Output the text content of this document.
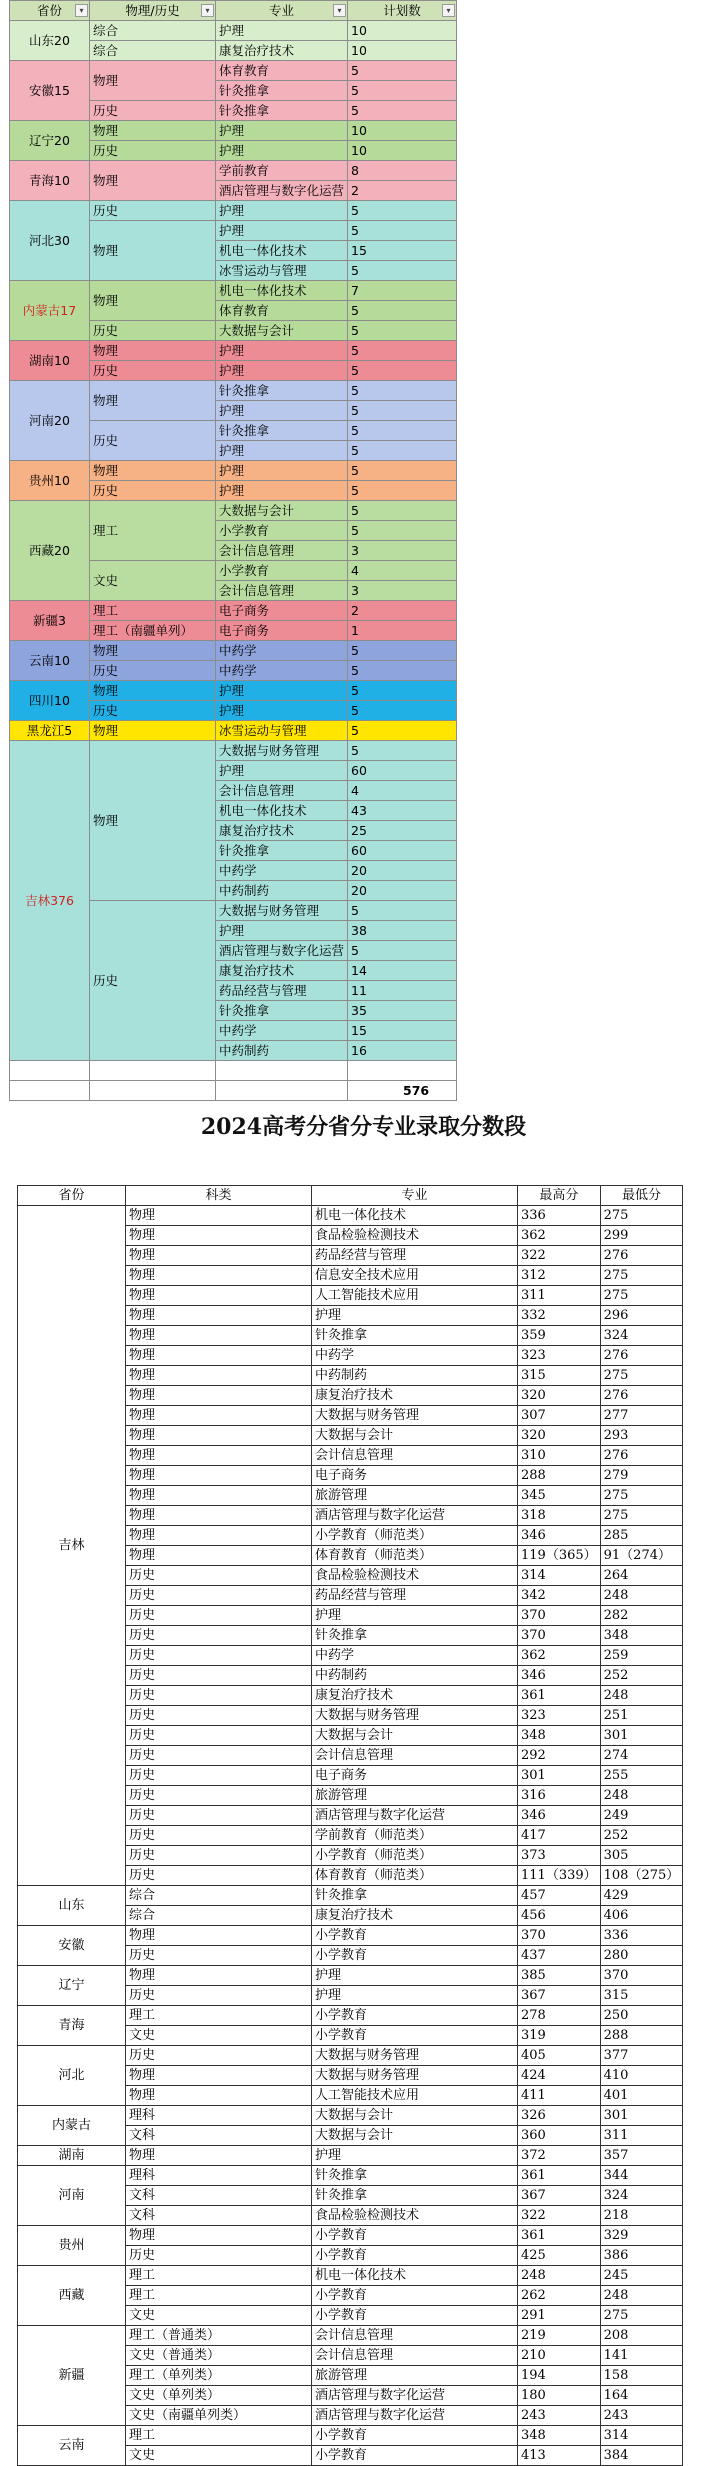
省份 ▾	物理/历史 ▾	专业 ▾	计划数 ▾

山东20	综合	护理	10
	综合	康复治疗技术	10
安徽15	物理	体育教育	5
		针灸推拿	5
	历史	针灸推拿	5
辽宁20	物理	护理	10
	历史	护理	10
青海10	物理	学前教育	8
		酒店管理与数字化运营	2
河北30	历史	护理	5
	物理	护理	5
		机电一体化技术	15
		冰雪运动与管理	5
内蒙古17	物理	机电一体化技术	7
		体育教育	5
	历史	大数据与会计	5
湖南10	物理	护理	5
	历史	护理	5
河南20	物理	针灸推拿	5
		护理	5
	历史	针灸推拿	5
		护理	5
贵州10	物理	护理	5
	历史	护理	5
西藏20	理工	大数据与会计	5
		小学教育	5
		会计信息管理	3
	文史	小学教育	4
		会计信息管理	3
新疆3	理工	电子商务	2
	理工（南疆单列）	电子商务	1
云南10	物理	中药学	5
	历史	中药学	5
四川10	物理	护理	5
	历史	护理	5
黑龙江5	物理	冰雪运动与管理	5
吉林376	物理	大数据与财务管理	5
		护理	60
		会计信息管理	4
		机电一体化技术	43
		康复治疗技术	25
		针灸推拿	60
		中药学	20
		中药制药	20
	历史	大数据与财务管理	5
		护理	38
		酒店管理与数字化运营	5
		康复治疗技术	14
		药品经营与管理	11
		针灸推拿	35
		中药学	15
		中药制药	16

			576
2024高考分省分专业录取分数段
省份	科类	专业	最高分	最低分
吉林	物理	机电一体化技术	336	275
	物理	食品检验检测技术	362	299
	物理	药品经营与管理	322	276
	物理	信息安全技术应用	312	275
	物理	人工智能技术应用	311	275
	物理	护理	332	296
	物理	针灸推拿	359	324
	物理	中药学	323	276
	物理	中药制药	315	275
	物理	康复治疗技术	320	276
	物理	大数据与财务管理	307	277
	物理	大数据与会计	320	293
	物理	会计信息管理	310	276
	物理	电子商务	288	279
	物理	旅游管理	345	275
	物理	酒店管理与数字化运营	318	275
	物理	小学教育（师范类）	346	285
	物理	体育教育（师范类）	119（365）	91（274）
	历史	食品检验检测技术	314	264
	历史	药品经营与管理	342	248
	历史	护理	370	282
	历史	针灸推拿	370	348
	历史	中药学	362	259
	历史	中药制药	346	252
	历史	康复治疗技术	361	248
	历史	大数据与财务管理	323	251
	历史	大数据与会计	348	301
	历史	会计信息管理	292	274
	历史	电子商务	301	255
	历史	旅游管理	316	248
	历史	酒店管理与数字化运营	346	249
	历史	学前教育（师范类）	417	252
	历史	小学教育（师范类）	373	305
	历史	体育教育（师范类）	111（339）	108（275）
山东	综合	针灸推拿	457	429
	综合	康复治疗技术	456	406
安徽	物理	小学教育	370	336
	历史	小学教育	437	280
辽宁	物理	护理	385	370
	历史	护理	367	315
青海	理工	小学教育	278	250
	文史	小学教育	319	288
河北	历史	大数据与财务管理	405	377
	物理	大数据与财务管理	424	410
	物理	人工智能技术应用	411	401
内蒙古	理科	大数据与会计	326	301
	文科	大数据与会计	360	311
湖南	物理	护理	372	357
河南	理科	针灸推拿	361	344
	文科	针灸推拿	367	324
	文科	食品检验检测技术	322	218
贵州	物理	小学教育	361	329
	历史	小学教育	425	386
西藏	理工	机电一体化技术	248	245
	理工	小学教育	262	248
	文史	小学教育	291	275
新疆	理工（普通类）	会计信息管理	219	208
	文史（普通类）	会计信息管理	210	141
	理工（单列类）	旅游管理	194	158
	文史（单列类）	酒店管理与数字化运营	180	164
	文史（南疆单列类）	酒店管理与数字化运营	243	243
云南	理工	小学教育	348	314
	文史	小学教育	413	384
